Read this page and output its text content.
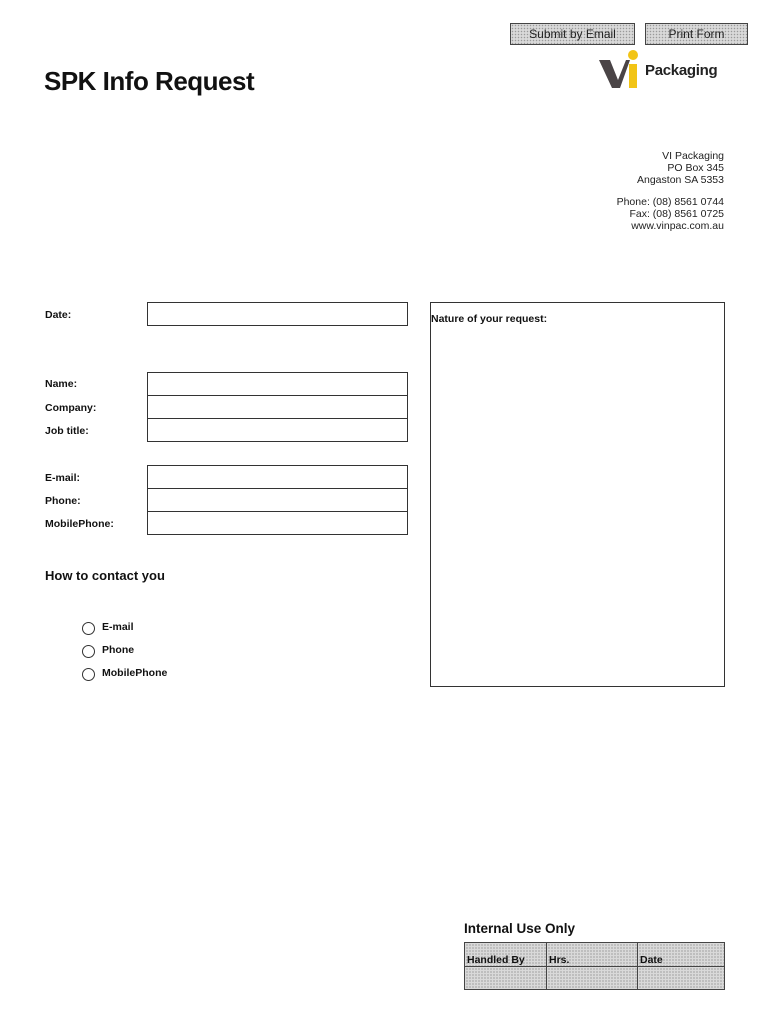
Submit by Email	Print Form
SPK Info Request	Packaging
VI Packaging
PO Box 345
Angaston SA 5353
Phone: (08) 8561 0744
Fax: (08) 8561 0725
www.vinpac.com.au
Date:
Name:
Company:
Job title:
E-mail:
Phone:
MobilePhone:
How to contact you
E-mail
Phone
MobilePhone
Nature of your request:
Internal Use Only
Handled By	Hrs.	Date
